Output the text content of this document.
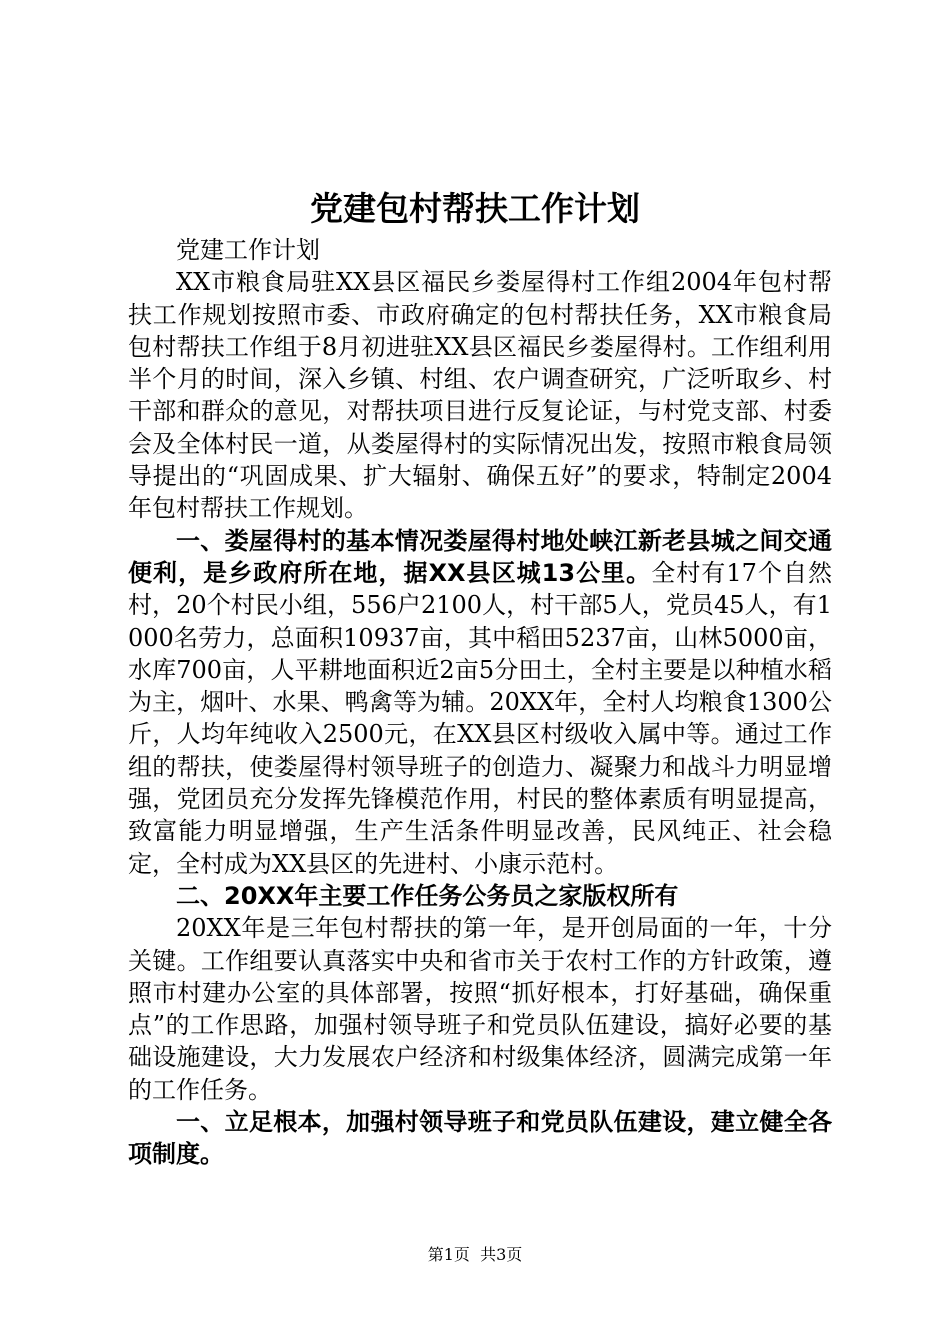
党建包村帮扶工作计划

党建工作计划

XX市粮食局驻XX县区福民乡娄屋得村工作组2004年包村帮扶工作规划按照市委、市政府确定的包村帮扶任务，XX市粮食局包村帮扶工作组于8月初进驻XX县区福民乡娄屋得村。工作组利用半个月的时间，深入乡镇、村组、农户调查研究，广泛听取乡、村干部和群众的意见，对帮扶项目进行反复论证，与村党支部、村委会及全体村民一道，从娄屋得村的实际情况出发，按照市粮食局领导提出的“巩固成果、扩大辐射、确保五好”的要求，特制定2004年包村帮扶工作规划。

一、娄屋得村的基本情况娄屋得村地处峡江新老县城之间交通便利，是乡政府所在地，据XX县区城13公里。全村有17个自然村，20个村民小组，556户2100人，村干部5人，党员45人，有1000名劳力，总面积10937亩，其中稻田5237亩，山林5000亩，水库700亩，人平耕地面积近2亩5分田土，全村主要是以种植水稻为主，烟叶、水果、鸭禽等为辅。20XX年，全村人均粮食1300公斤，人均年纯收入2500元，在XX县区村级收入属中等。通过工作组的帮扶，使娄屋得村领导班子的创造力、凝聚力和战斗力明显增强，党团员充分发挥先锋模范作用，村民的整体素质有明显提高，致富能力明显增强，生产生活条件明显改善，民风纯正、社会稳定，全村成为XX县区的先进村、小康示范村。

二、20XX年主要工作任务公务员之家版权所有

20XX年是三年包村帮扶的第一年，是开创局面的一年，十分关键。工作组要认真落实中央和省市关于农村工作的方针政策，遵照市村建办公室的具体部署，按照“抓好根本，打好基础，确保重点”的工作思路，加强村领导班子和党员队伍建设，搞好必要的基础设施建设，大力发展农户经济和村级集体经济，圆满完成第一年的工作任务。

一、立足根本，加强村领导班子和党员队伍建设，建立健全各项制度。

第1页 共3页
